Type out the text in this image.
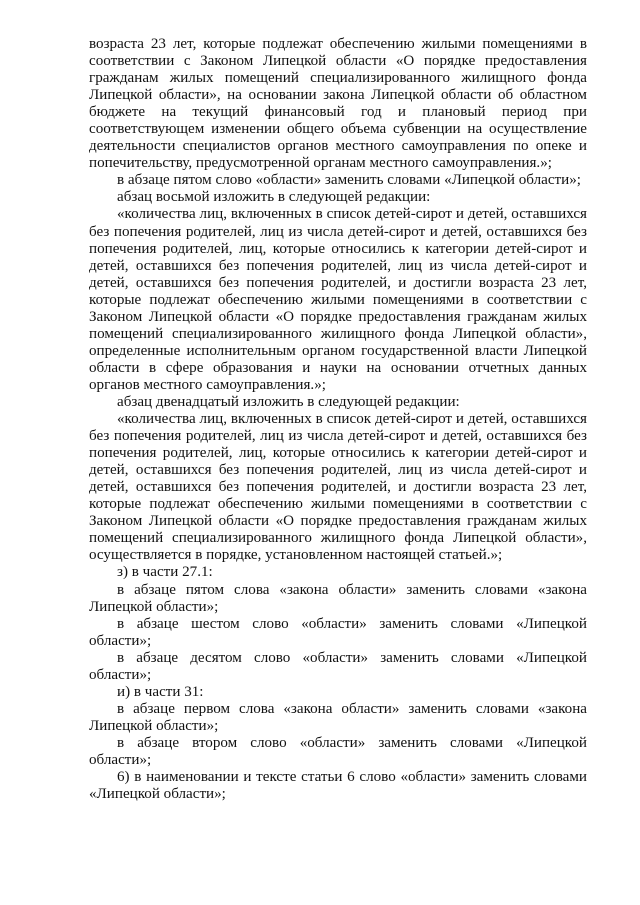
возраста 23 лет, которые подлежат обеспечению жилыми помещениями в соответствии с Законом Липецкой области «О порядке предоставления гражданам жилых помещений специализированного жилищного фонда Липецкой области», на основании закона Липецкой области об областном бюджете на текущий финансовый год и плановый период при соответствующем изменении общего объема субвенции на осуществление деятельности специалистов органов местного самоуправления по опеке и попечительству, предусмотренной органам местного самоуправления.»;

в абзаце пятом слово «области» заменить словами «Липецкой области»;

абзац восьмой изложить в следующей редакции:

«количества лиц, включенных в список детей-сирот и детей, оставшихся без попечения родителей, лиц из числа детей-сирот и детей, оставшихся без попечения родителей, лиц, которые относились к категории детей-сирот и детей, оставшихся без попечения родителей, лиц из числа детей-сирот и детей, оставшихся без попечения родителей, и достигли возраста 23 лет, которые подлежат обеспечению жилыми помещениями в соответствии с Законом Липецкой области «О порядке предоставления гражданам жилых помещений специализированного жилищного фонда Липецкой области», определенные исполнительным органом государственной власти Липецкой области в сфере образования и науки на основании отчетных данных органов местного самоуправления.»;

абзац двенадцатый изложить в следующей редакции:

«количества лиц, включенных в список детей-сирот и детей, оставшихся без попечения родителей, лиц из числа детей-сирот и детей, оставшихся без попечения родителей, лиц, которые относились к категории детей-сирот и детей, оставшихся без попечения родителей, лиц из числа детей-сирот и детей, оставшихся без попечения родителей, и достигли возраста 23 лет, которые подлежат обеспечению жилыми помещениями в соответствии с Законом Липецкой области «О порядке предоставления гражданам жилых помещений специализированного жилищного фонда Липецкой области», осуществляется в порядке, установленном настоящей статьей.»;

з) в части 27.1:

в абзаце пятом слова «закона области» заменить словами «закона Липецкой области»;

в абзаце шестом слово «области» заменить словами «Липецкой области»;

в абзаце десятом слово «области» заменить словами «Липецкой области»;

и) в части 31:

в абзаце первом слова «закона области» заменить словами «закона Липецкой области»;

в абзаце втором слово «области» заменить словами «Липецкой области»;

6) в наименовании и тексте статьи 6 слово «области» заменить словами «Липецкой области»;
